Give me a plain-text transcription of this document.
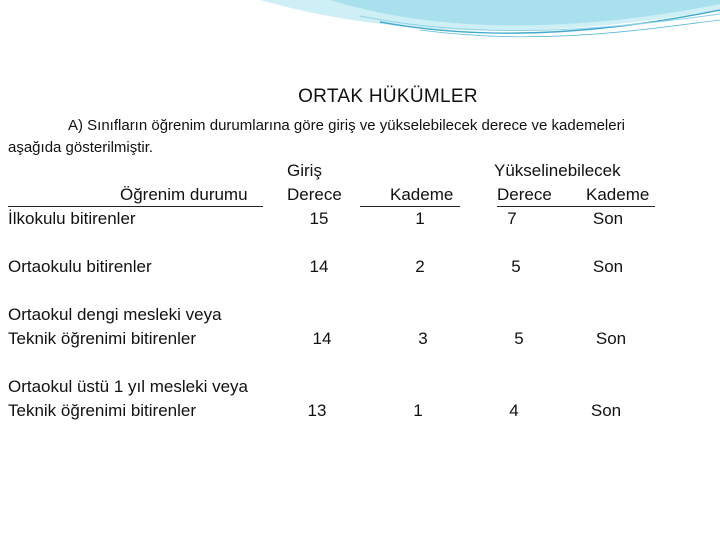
ORTAK HÜKÜMLER
A) Sınıfların öğrenim durumlarına göre giriş ve yükselebilecek derece ve kademeleri
aşağıda gösterilmiştir.
Giriş	Yükselinebilecek
Öğrenim durumu Derece	Kademe	Derece Kademe
İlkokulu bitirenler	15	1	7	Son
Ortaokulu bitirenler	14	2	5	Son
Ortaokul dengi mesleki veya
Teknik öğrenimi bitirenler	14	3	5	Son
Ortaokul üstü 1 yıl mesleki veya
Teknik öğrenimi bitirenler	13	1	4	Son
